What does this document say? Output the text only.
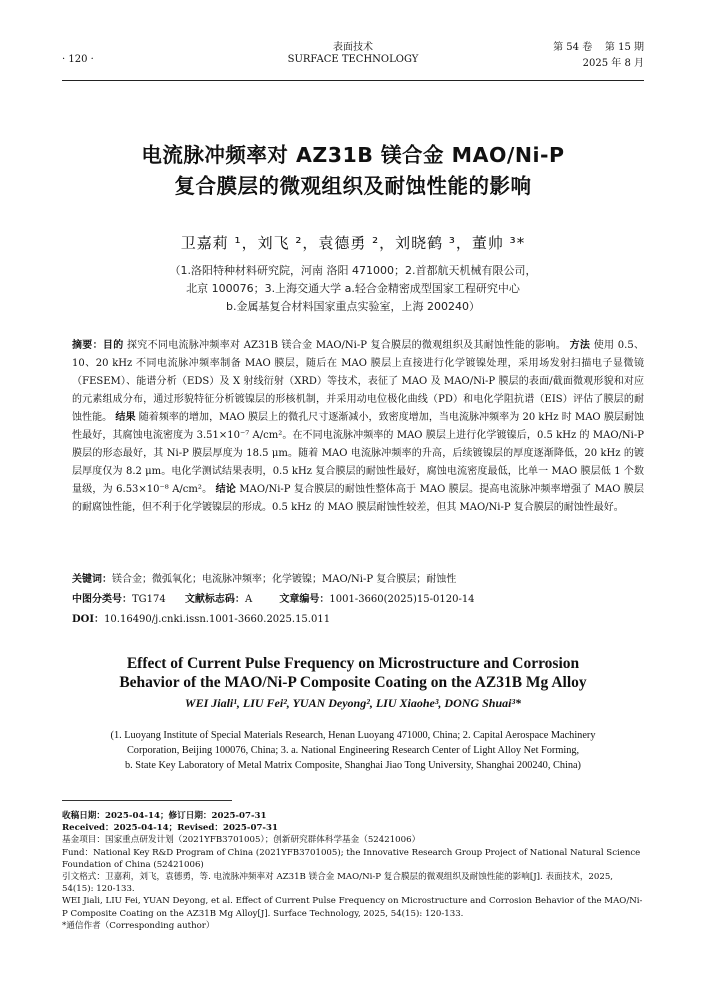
表面技术
SURFACE TECHNOLOGY
· 120 ·
第 54 卷    第 15 期
2025 年 8 月
电流脉冲频率对 AZ31B 镁合金 MAO/Ni-P
复合膜层的微观组织及耐蚀性能的影响
卫嘉莉 ¹，刘飞 ²，袁德勇 ²，刘晓鹤 ³，董帅 ³*
（1.洛阳特种材料研究院，河南 洛阳 471000；2.首都航天机械有限公司，
北京 100076；3.上海交通大学 a.轻合金精密成型国家工程研究中心
b.金属基复合材料国家重点实验室，上海 200240）
摘要：目的 探究不同电流脉冲频率对 AZ31B 镁合金 MAO/Ni-P 复合膜层的微观组织及其耐蚀性能的影响。 方法 使用 0.5、10、20 kHz 不同电流脉冲频率制备 MAO 膜层，随后在 MAO 膜层上直接进行化学镀镍处理，采用场发射扫描电子显微镜（FESEM）、能谱分析（EDS）及 X 射线衍射（XRD）等技术，表征了 MAO 及 MAO/Ni-P 膜层的表面/截面微观形貌和对应的元素组成分布，通过形貌特征分析镀镍层的形核机制，并采用动电位极化曲线（PD）和电化学阻抗谱（EIS）评估了膜层的耐蚀性能。 结果 随着频率的增加，MAO 膜层上的微孔尺寸逐渐减小，致密度增加，当电流脉冲频率为 20 kHz 时 MAO 膜层耐蚀性最好，其腐蚀电流密度为 3.51×10⁻⁷ A/cm²。在不同电流脉冲频率的 MAO 膜层上进行化学镀镍后，0.5 kHz 的 MAO/Ni-P 膜层的形态最好，其 Ni-P 膜层厚度为 18.5 μm。随着 MAO 电流脉冲频率的升高，后续镀镍层的厚度逐渐降低，20 kHz 的镀层厚度仅为 8.2 μm。电化学测试结果表明，0.5 kHz 复合膜层的耐蚀性最好，腐蚀电流密度最低，比单一 MAO 膜层低 1 个数量级，为 6.53×10⁻⁸ A/cm²。 结论 MAO/Ni-P 复合膜层的耐蚀性整体高于 MAO 膜层。提高电流脉冲频率增强了 MAO 膜层的耐腐蚀性能，但不利于化学镀镍层的形成。0.5 kHz 的 MAO 膜层耐蚀性较差，但其 MAO/Ni-P 复合膜层的耐蚀性最好。
关键词：镁合金；微弧氧化；电流脉冲频率；化学镀镍；MAO/Ni-P 复合膜层；耐蚀性
中图分类号：TG174 文献标志码：A	文章编号：1001-3660(2025)15-0120-14
DOI：10.16490/j.cnki.issn.1001-3660.2025.15.011
Effect of Current Pulse Frequency on Microstructure and Corrosion
Behavior of the MAO/Ni-P Composite Coating on the AZ31B Mg Alloy
WEI Jiali¹, LIU Fei², YUAN Deyong², LIU Xiaohe³, DONG Shuai³*
(1. Luoyang Institute of Special Materials Research, Henan Luoyang 471000, China; 2. Capital Aerospace Machinery
Corporation, Beijing 100076, China; 3. a. National Engineering Research Center of Light Alloy Net Forming,
b. State Key Laboratory of Metal Matrix Composite, Shanghai Jiao Tong University, Shanghai 200240, China)
收稿日期：2025-04-14；修订日期：2025-07-31
Received：2025-04-14；Revised：2025-07-31
基金项目：国家重点研发计划（2021YFB3701005）；创新研究群体科学基金（52421006）
Fund：National Key R&D Program of China (2021YFB3701005); the Innovative Research Group Project of National Natural Science Foundation of China (52421006)
引文格式：卫嘉莉，刘飞，袁德勇，等. 电流脉冲频率对 AZ31B 镁合金 MAO/Ni-P 复合膜层的微观组织及耐蚀性能的影响[J]. 表面技术，2025, 54(15): 120-133.
WEI Jiali, LIU Fei, YUAN Deyong, et al. Effect of Current Pulse Frequency on Microstructure and Corrosion Behavior of the MAO/Ni-P Composite Coating on the AZ31B Mg Alloy[J]. Surface Technology, 2025, 54(15): 120-133.
*通信作者（Corresponding author）
